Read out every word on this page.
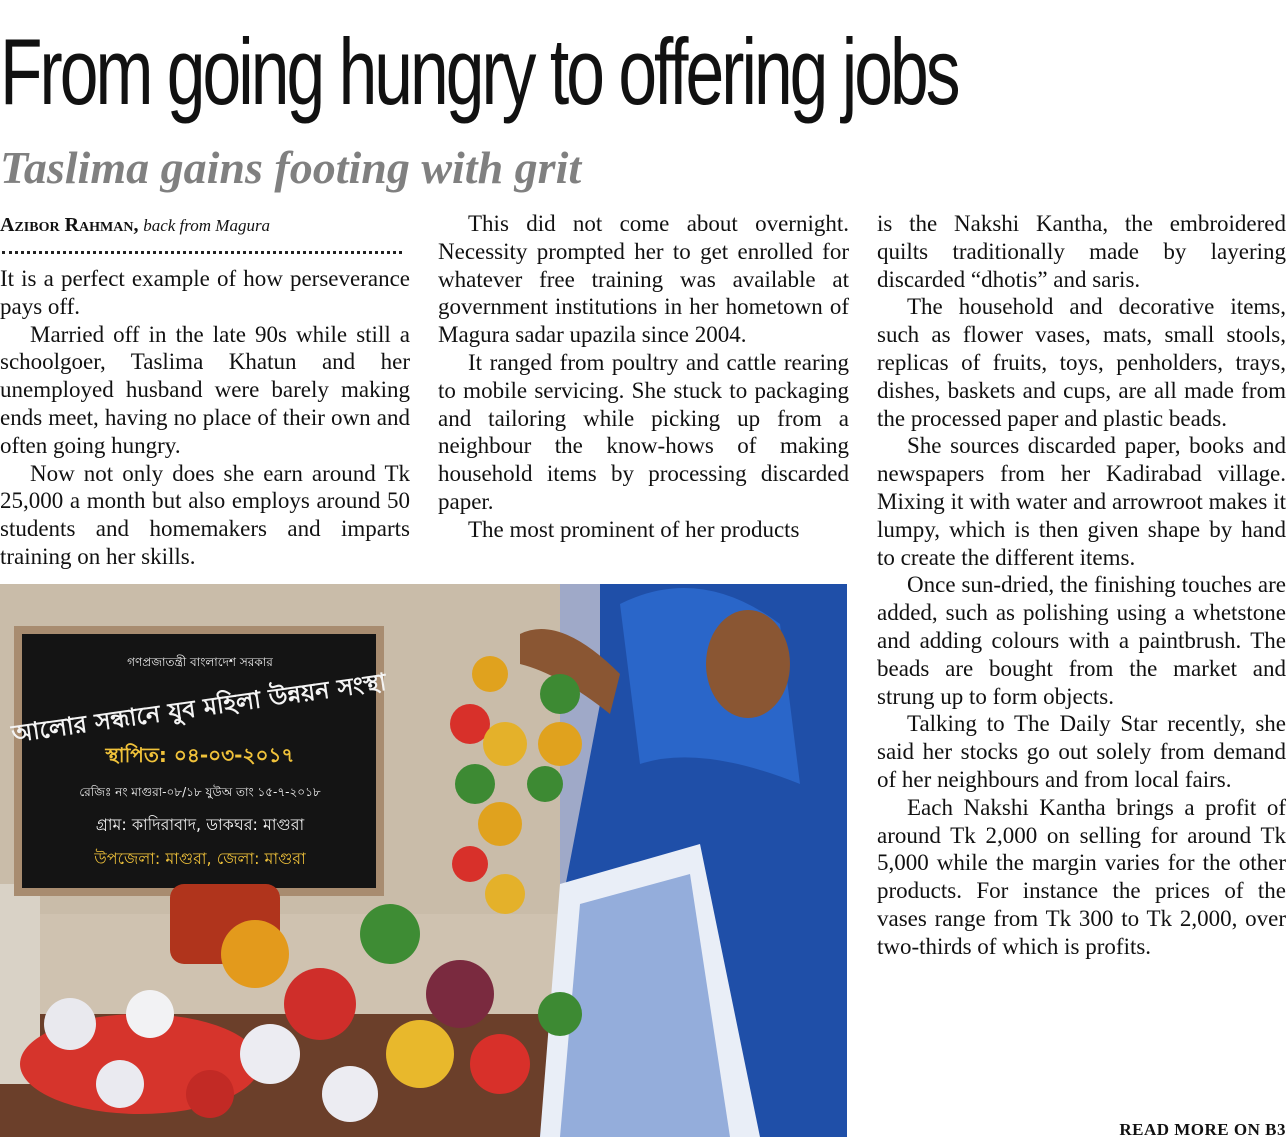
From going hungry to offering jobs
Taslima gains footing with grit
Azibor Rahman, back from Magura

It is a perfect example of how perseverance pays off.

Married off in the late 90s while still a schoolgoer, Taslima Khatun and her unemployed husband were barely making ends meet, having no place of their own and often going hungry.

Now not only does she earn around Tk 25,000 a month but also employs around 50 students and homemakers and imparts training on her skills.

This did not come about overnight. Necessity prompted her to get enrolled for whatever free training was available at government institutions in her hometown of Magura sadar upazila since 2004.

It ranged from poultry and cattle rearing to mobile servicing. She stuck to packaging and tailoring while picking up from a neighbour the know-hows of making household items by processing discarded paper.

The most prominent of her products

is the Nakshi Kantha, the embroidered quilts traditionally made by layering discarded “dhotis” and saris.

The household and decorative items, such as flower vases, mats, small stools, replicas of fruits, toys, penholders, trays, dishes, baskets and cups, are all made from the processed paper and plastic beads.

She sources discarded paper, books and newspapers from her Kadirabad village. Mixing it with water and arrowroot makes it lumpy, which is then given shape by hand to create the different items.

Once sun-dried, the finishing touches are added, such as polishing using a whetstone and adding colours with a paintbrush. The beads are bought from the market and strung up to form objects.

Talking to The Daily Star recently, she said her stocks go out solely from demand of her neighbours and from local fairs.

Each Nakshi Kantha brings a profit of around Tk 2,000 on selling for around Tk 5,000 while the margin varies for the other products. For instance the prices of the vases range from Tk 300 to Tk 2,000, over two-thirds of which is profits.

গণপ্রজাতন্ত্রী বাংলাদেশ সরকার
আলোর সন্ধানে যুব মহিলা উন্নয়ন সংস্থা
স্থাপিত: ০৪-০৩-২০১৭
রেজিঃ নং মাগুরা-০৮/১৮ যুউঅ তাং ১৫-৭-২০১৮
গ্রাম: কাদিরাবাদ, ডাকঘর: মাগুরা
উপজেলা: মাগুরা, জেলা: মাগুরা
READ MORE ON B3
